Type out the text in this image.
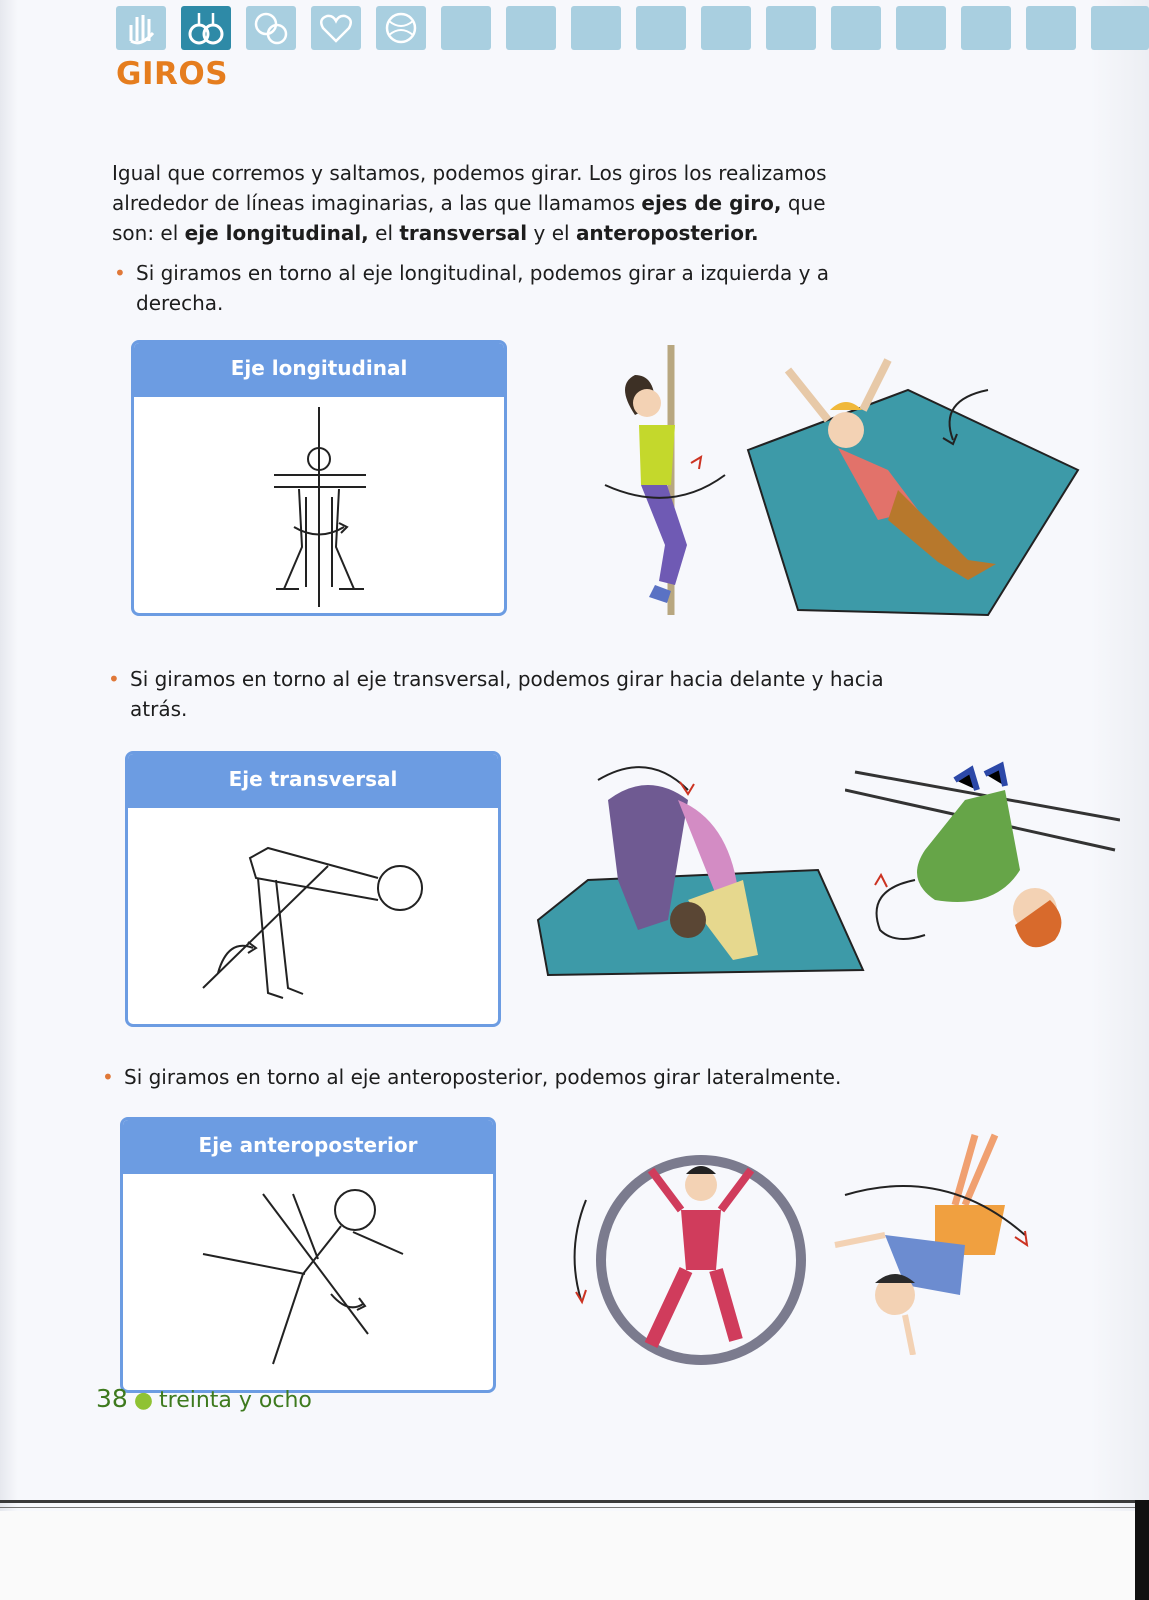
GIROS

Igual que corremos y saltamos, podemos girar. Los giros los realizamos alrededor de líneas imaginarias, a las que llamamos ejes de giro, que son: el eje longitudinal, el transversal y el anteroposterior.

• Si giramos en torno al eje longitudinal, podemos girar a izquierda y a derecha.

Eje longitudinal

• Si giramos en torno al eje transversal, podemos girar hacia delante y hacia atrás.

Eje transversal

• Si giramos en torno al eje anteroposterior, podemos girar lateralmente.

Eje anteroposterior
38 ● treinta y ocho
